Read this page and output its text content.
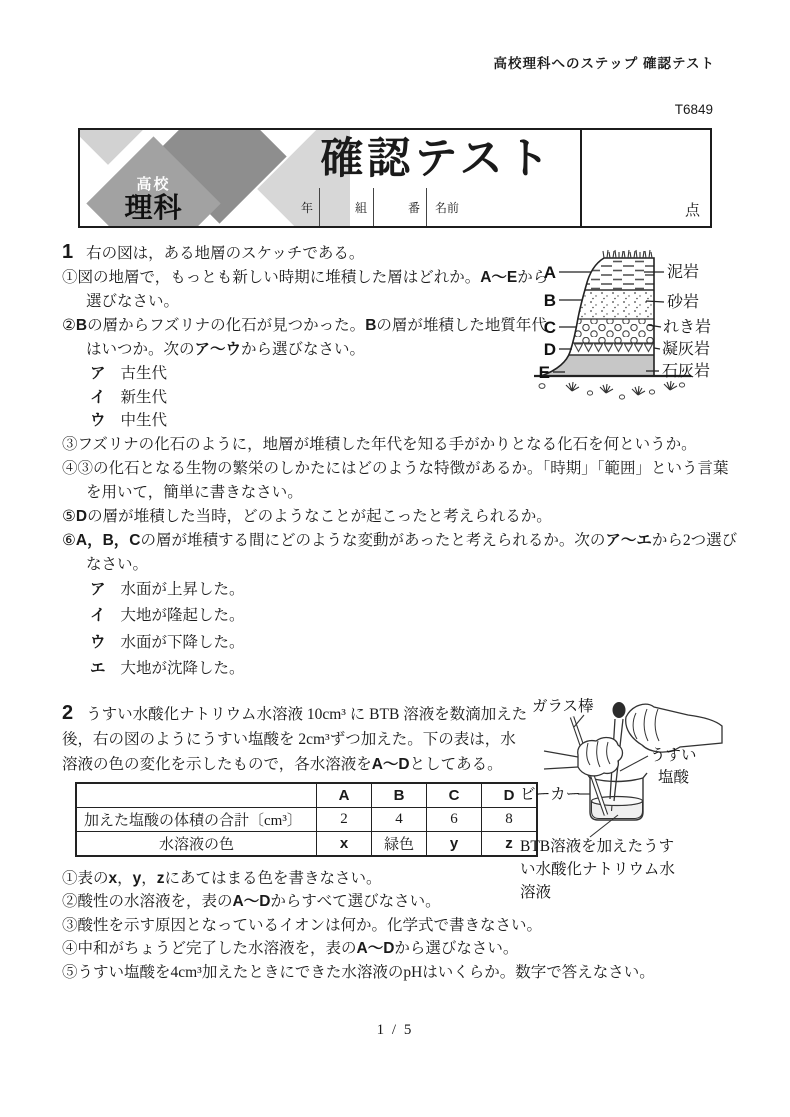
高校理科へのステップ 確認テスト
T6849
高校
理科
確認テスト
年	組	番	名前	点
A
B
C
D
E
泥岩
砂岩
れき岩
凝灰岩
石灰岩

1 右の図は，ある地層のスケッチである。

①図の地層で，もっとも新しい時期に堆積した層はどれか。A～Eから選びなさい。

②Bの層からフズリナの化石が見つかった。Bの層が堆積した地質年代はいつか。次のア～ウから選びなさい。

ア 古生代
イ 新生代
ウ 中生代

③フズリナの化石のように，地層が堆積した年代を知る手がかりとなる化石を何というか。

④③の化石となる生物の繁栄のしかたにはどのような特徴があるか。「時期」「範囲」という言葉を用いて，簡単に書きなさい。

⑤Dの層が堆積した当時，どのようなことが起こったと考えられるか。

⑥A，B，Cの層が堆積する間にどのような変動があったと考えられるか。次のア～エから2つ選びなさい。

ア 水面が上昇した。
イ 大地が隆起した。
ウ 水面が下降した。
エ 大地が沈降した。
ガラス棒
うすい
塩酸
ビーカー
BTB溶液を加えたうす
い水酸化ナトリウム水
溶液

2 うすい水酸化ナトリウム水溶液 10cm³ に BTB 溶液を数滴加えた後，右の図のようにうすい塩酸を 2cm³ずつ加えた。下の表は，水溶液の色の変化を示したもので，各水溶液をA～Dとしてある。

	A	B	C	D
加えた塩酸の体積の合計〔cm³〕	2	4	6	8
水溶液の色	x	緑色	y	z

①表のx，y，zにあてはまる色を書きなさい。

②酸性の水溶液を，表のA～Dからすべて選びなさい。

③酸性を示す原因となっているイオンは何か。化学式で書きなさい。

④中和がちょうど完了した水溶液を，表のA～Dから選びなさい。

⑤うすい塩酸を4cm³加えたときにできた水溶液のpHはいくらか。数字で答えなさい。

1 / 5
